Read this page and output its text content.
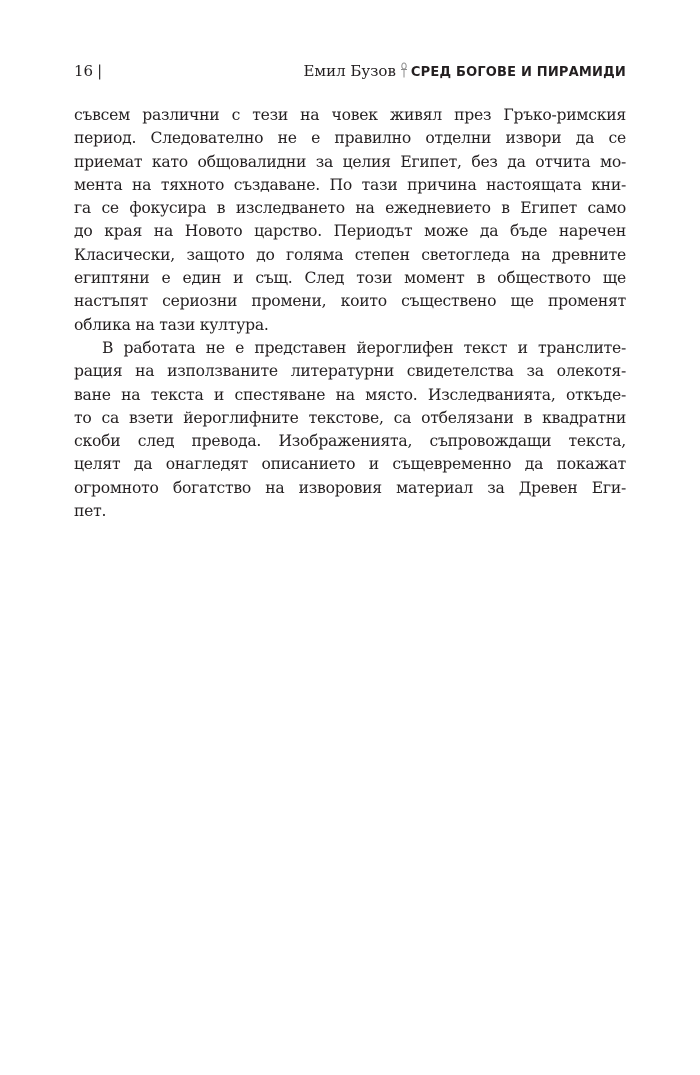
16 |	Емил Бузов СРЕД БОГОВЕ И ПИРАМИДИ
съвсем различни с тези на човек живял през Гръко-римския
период. Следователно не е правилно отделни извори да се
приемат като общовалидни за целия Египет, без да отчита мо-
мента на тяхното създаване. По тази причина настоящата кни-
га се фокусира в изследването на ежедневието в Египет само
до края на Новото царство. Периодът може да бъде наречен
Класически, защото до голяма степен светогледа на древните
египтяни е един и същ. След този момент в обществото ще
настъпят сериозни промени, които съществено ще променят
облика на тази култура.
В работата не е представен йероглифен текст и транслите-
рация на използваните литературни свидетелства за олекотя-
ване на текста и спестяване на място. Изследванията, откъде-
то са взети йероглифните текстове, са отбелязани в квадратни
скоби след превода. Изображенията, съпровождащи текста,
целят да онагледят описанието и същевременно да покажат
огромното богатство на изворовия материал за Древен Еги-
пет.
